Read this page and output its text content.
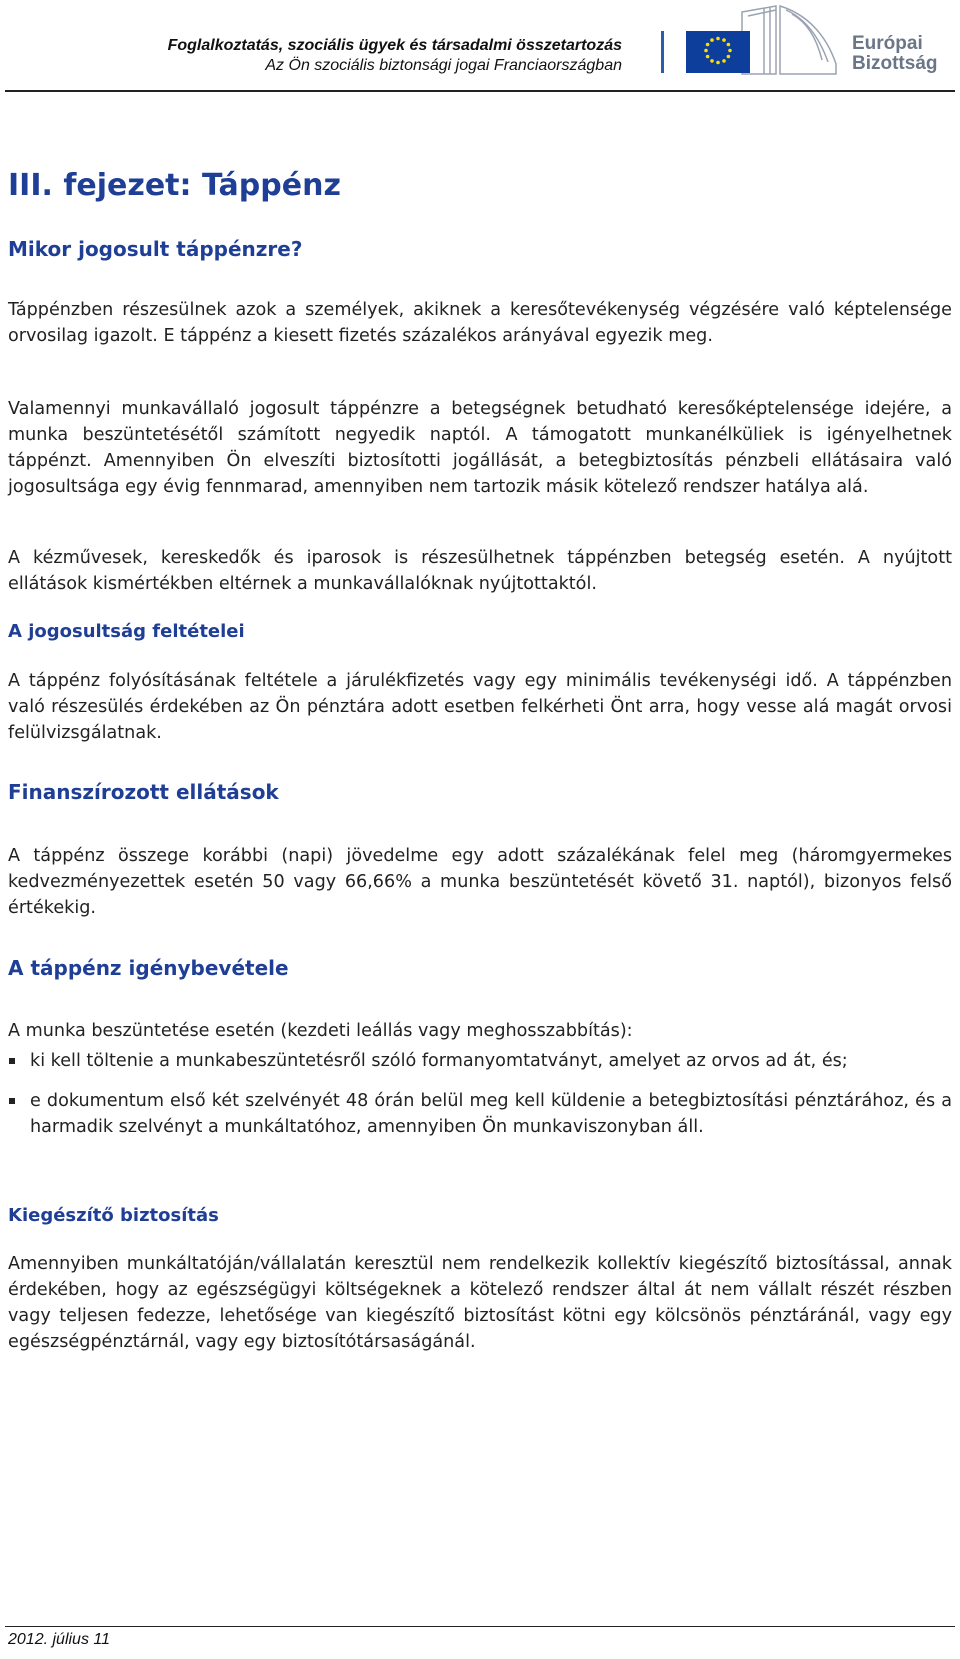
Foglalkoztatás, szociális ügyek és társadalmi összetartozás
Az Ön szociális biztonsági jogai Franciaországban
Európai
Bizottság
III. fejezet: Táppénz
Mikor jogosult táppénzre?

Táppénzben részesülnek azok a személyek, akiknek a keresőtevékenység végzésére való képtelensége orvosilag igazolt. E táppénz a kiesett fizetés százalékos arányával egyezik meg.

Valamennyi munkavállaló jogosult táppénzre a betegségnek betudható keresőképtelensége idejére, a munka beszüntetésétől számított negyedik naptól. A támogatott munkanélküliek is igényelhetnek táppénzt. Amennyiben Ön elveszíti biztosítotti jogállását, a betegbiztosítás pénzbeli ellátásaira való jogosultsága egy évig fennmarad, amennyiben nem tartozik másik kötelező rendszer hatálya alá.

A kézművesek, kereskedők és iparosok is részesülhetnek táppénzben betegség esetén. A nyújtott ellátások kismértékben eltérnek a munkavállalóknak nyújtottaktól.

A jogosultság feltételei

A táppénz folyósításának feltétele a járulékfizetés vagy egy minimális tevékenységi idő. A táppénzben való részesülés érdekében az Ön pénztára adott esetben felkérheti Önt arra, hogy vesse alá magát orvosi felülvizsgálatnak.

Finanszírozott ellátások

A táppénz összege korábbi (napi) jövedelme egy adott százalékának felel meg (háromgyermekes kedvezményezettek esetén 50 vagy 66,66% a munka beszüntetését követő 31. naptól), bizonyos felső értékekig.

A táppénz igénybevétele

A munka beszüntetése esetén (kezdeti leállás vagy meghosszabbítás):

ki kell töltenie a munkabeszüntetésről szóló formanyomtatványt, amelyet az orvos ad át, és;
e dokumentum első két szelvényét 48 órán belül meg kell küldenie a betegbiztosítási pénztárához, és a harmadik szelvényt a munkáltatóhoz, amennyiben Ön munkaviszonyban áll.
Kiegészítő biztosítás

Amennyiben munkáltatóján/vállalatán keresztül nem rendelkezik kollektív kiegészítő biztosítással, annak érdekében, hogy az egészségügyi költségeknek a kötelező rendszer által át nem vállalt részét részben vagy teljesen fedezze, lehetősége van kiegészítő biztosítást kötni egy kölcsönös pénztáránál, vagy egy egészségpénztárnál, vagy egy biztosítótársaságánál.

2012. július 11
